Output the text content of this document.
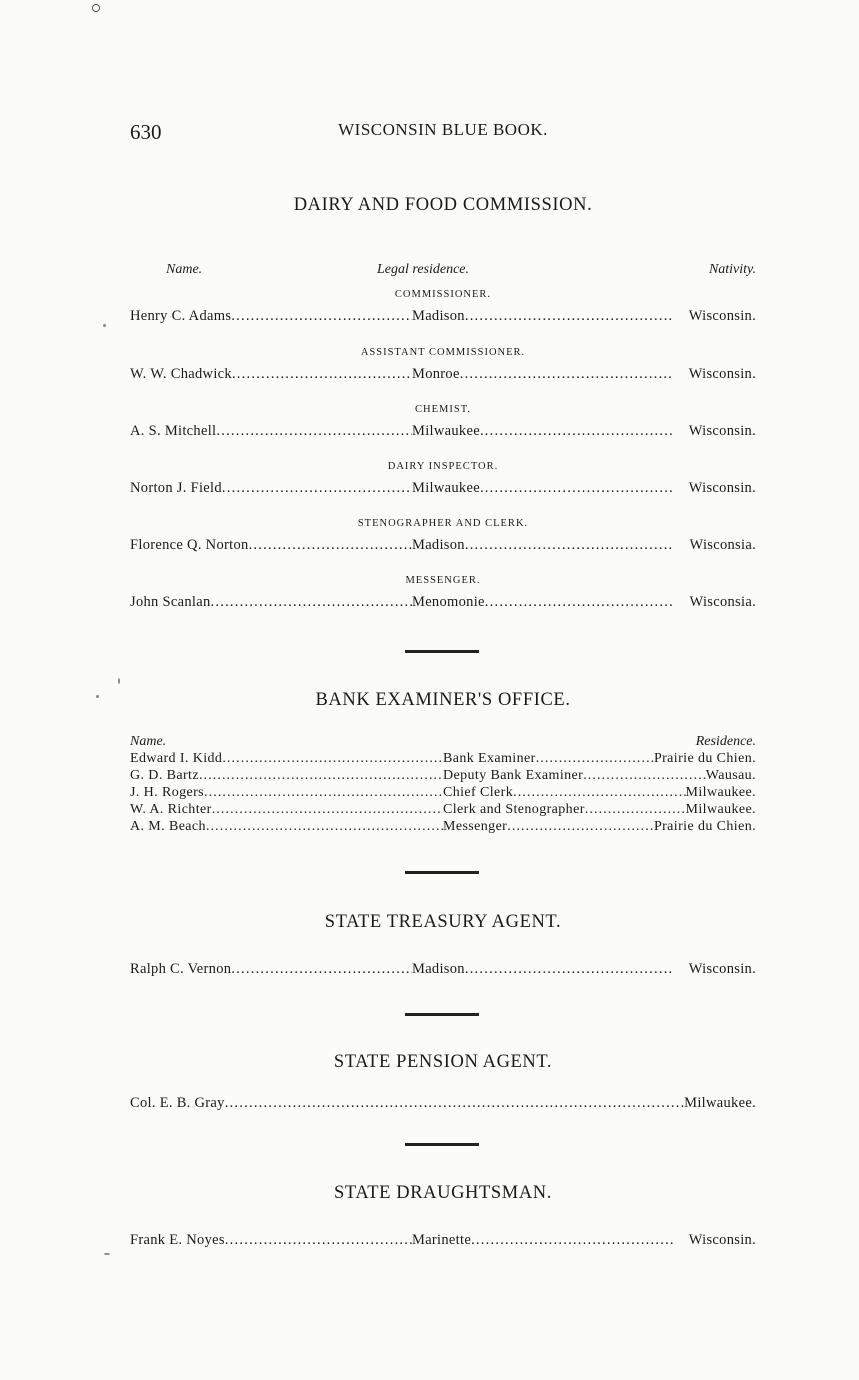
630	WISCONSIN BLUE BOOK.
DAIRY AND FOOD COMMISSION.
Name.	Legal residence.	Nativity.
COMMISSIONER.
Henry C. Adams . . .	Madison . . .	Wisconsin.
ASSISTANT COMMISSIONER.
W. W. Chadwick . . .	Monroe . . .	Wisconsin.
CHEMIST.
A. S. Mitchell . . .	Milwaukee . . .	Wisconsin.
DAIRY INSPECTOR.
Norton J. Field . . .	Milwaukee . . .	Wisconsin.
STENOGRAPHER AND CLERK.
Florence Q. Norton . . .	Madison . . .	Wisconsia.
MESSENGER.
John Scanlan . . .	Menomonie . . .	Wisconsia.
BANK EXAMINER'S OFFICE.
Name.	Residence.
Edward I. Kidd . . .	Bank Examiner . . .	Prairie du Chien.
G. D. Bartz . . .	Deputy Bank Examiner . . .	Wausau.
J. H. Rogers . . .	Chief Clerk . . .	Milwaukee.
W. A. Richter . . .	Clerk and Stenographer . . .	Milwaukee.
A. M. Beach . . .	Messenger . . .	Prairie du Chien.
STATE TREASURY AGENT.
Ralph C. Vernon . . .	Madison . . .	Wisconsin.
STATE PENSION AGENT.
Col. E. B. Gray . . .	Milwaukee.
STATE DRAUGHTSMAN.
Frank E. Noyes . . .	Marinette . . .	Wisconsin.
